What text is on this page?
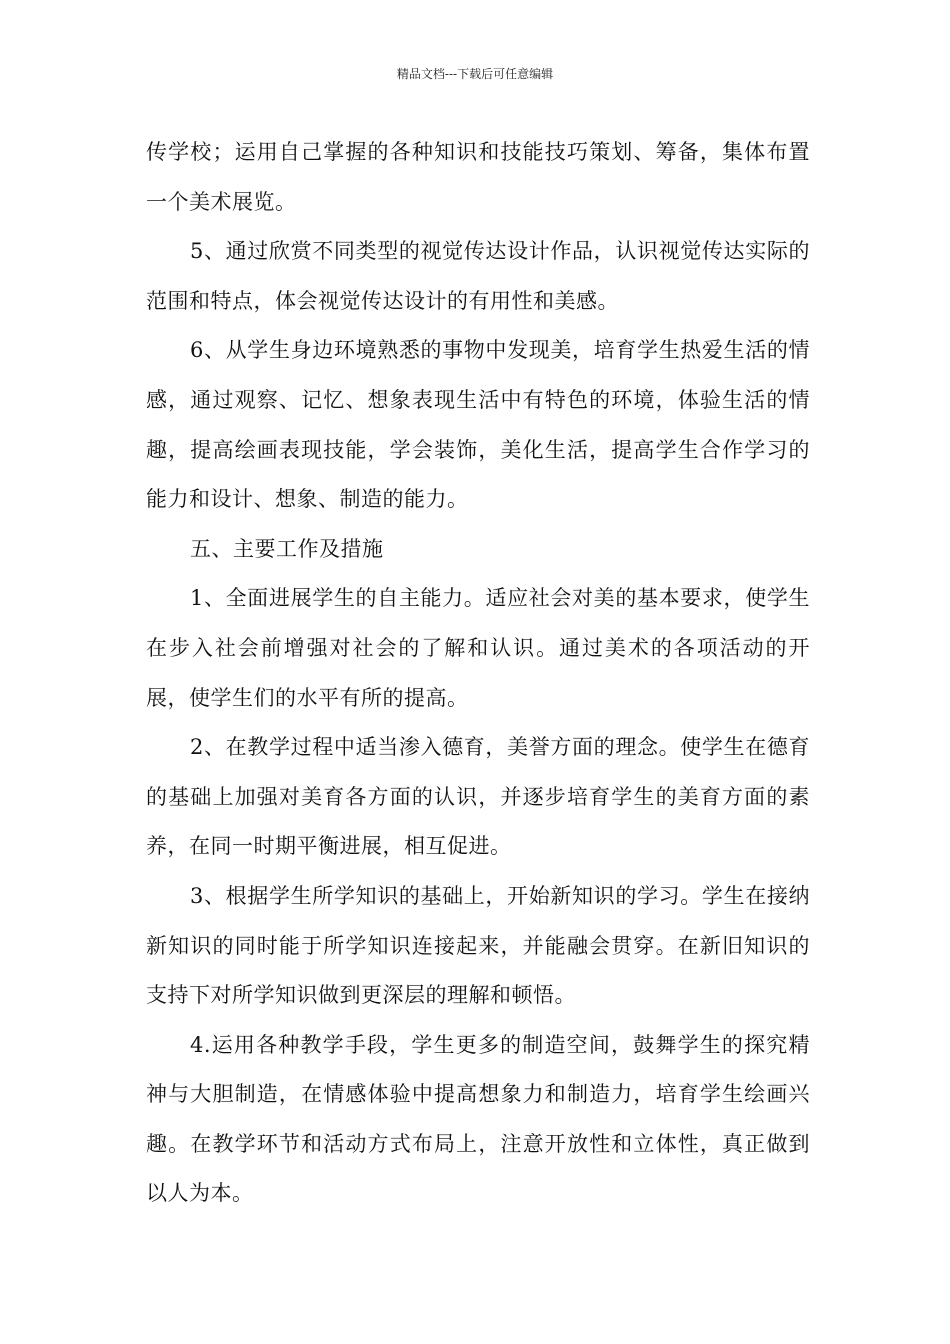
精品文档---下载后可任意编辑

传学校；运用自己掌握的各种知识和技能技巧策划、筹备，集体布置一个美术展览。

5、通过欣赏不同类型的视觉传达设计作品，认识视觉传达实际的范围和特点，体会视觉传达设计的有用性和美感。

6、从学生身边环境熟悉的事物中发现美，培育学生热爱生活的情感，通过观察、记忆、想象表现生活中有特色的环境，体验生活的情趣，提高绘画表现技能，学会装饰，美化生活，提高学生合作学习的能力和设计、想象、制造的能力。

五、主要工作及措施

1、全面进展学生的自主能力。适应社会对美的基本要求，使学生在步入社会前增强对社会的了解和认识。通过美术的各项活动的开展，使学生们的水平有所的提高。

2、在教学过程中适当渗入德育，美誉方面的理念。使学生在德育的基础上加强对美育各方面的认识，并逐步培育学生的美育方面的素养，在同一时期平衡进展，相互促进。

3、根据学生所学知识的基础上，开始新知识的学习。学生在接纳新知识的同时能于所学知识连接起来，并能融会贯穿。在新旧知识的支持下对所学知识做到更深层的理解和顿悟。

4.运用各种教学手段，学生更多的制造空间，鼓舞学生的探究精神与大胆制造，在情感体验中提高想象力和制造力，培育学生绘画兴趣。在教学环节和活动方式布局上，注意开放性和立体性，真正做到以人为本。
